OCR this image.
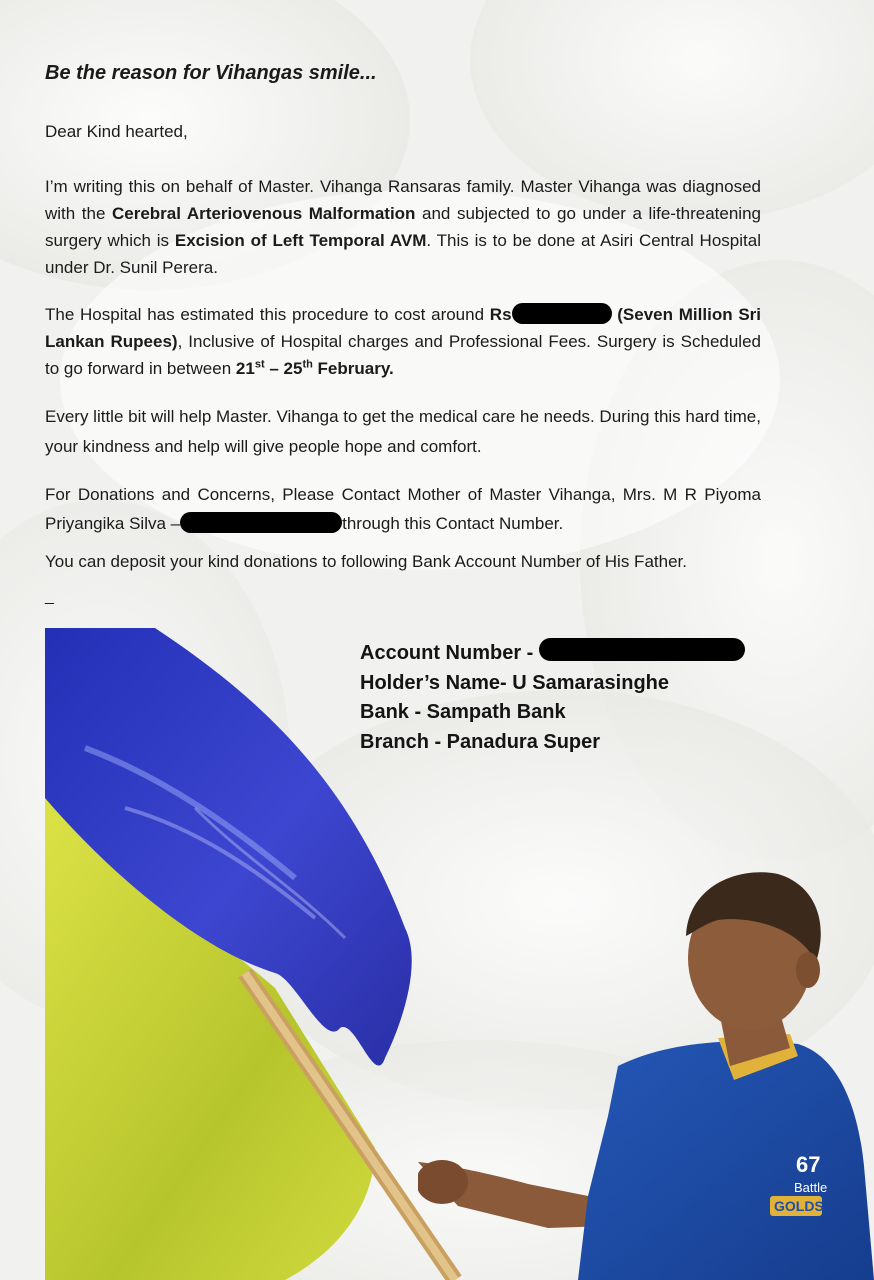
Be the reason for Vihangas smile...

Dear Kind hearted,

I’m writing this on behalf of Master. Vihanga Ransaras family. Master Vihanga was diagnosed with the Cerebral Arteriovenous Malformation and subjected to go under a life-threatening surgery which is Excision of Left Temporal AVM. This is to be done at Asiri Central Hospital under Dr. Sunil Perera.

The Hospital has estimated this procedure to cost around Rs	(Seven Million Sri Lankan Rupees), Inclusive of Hospital charges and Professional Fees. Surgery is Scheduled to go forward in between 21st – 25th February.

Every little bit will help Master. Vihanga to get the medical care he needs. During this hard time, your kindness and help will give people hope and comfort.

For Donations and Concerns, Please Contact Mother of Master Vihanga, Mrs. M R Piyoma Priyangika Silva –	through this Contact Number.

You can deposit your kind donations to following Bank Account Number of His Father.

_
Account Number -
Holder’s Name- U Samarasinghe
Bank - Sampath Bank
Branch - Panadura Super
67
Battle
GOLDS
